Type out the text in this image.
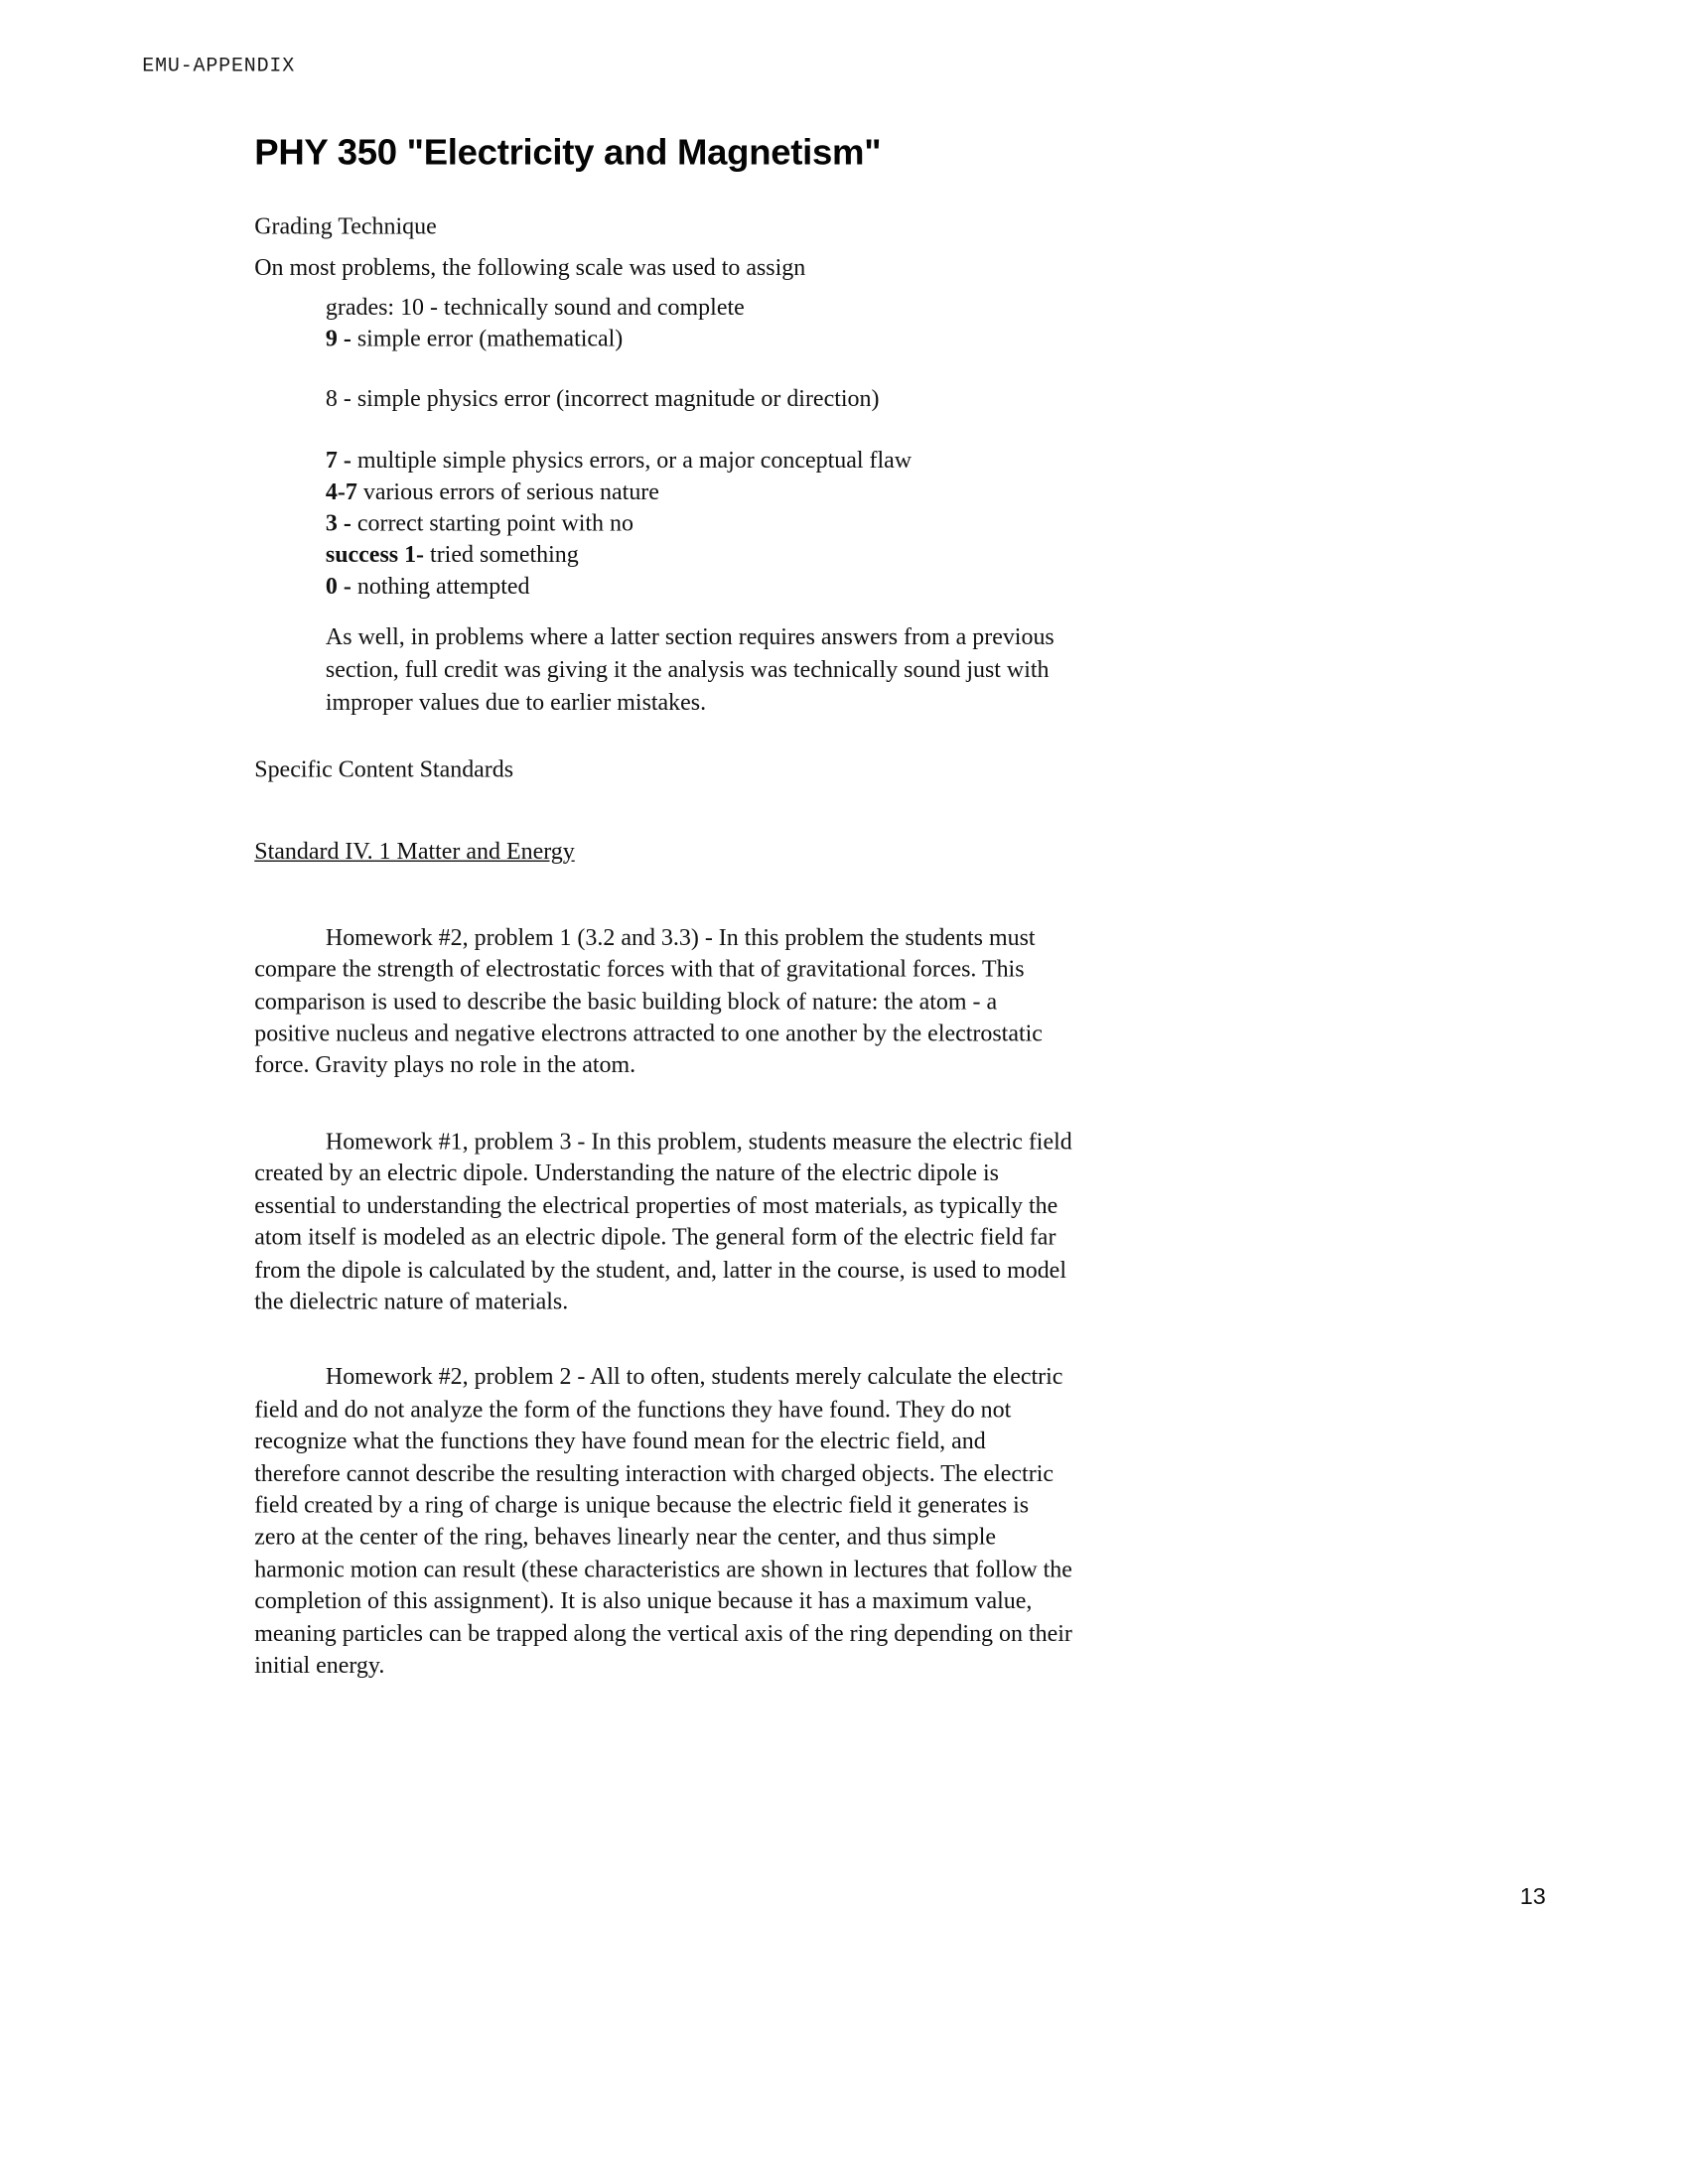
EMU-APPENDIX
PHY 350 "Electricity and Magnetism"

Grading Technique

On most problems, the following scale was used to assign

grades: 10 - technically sound and complete

9 - simple error (mathematical)

8 - simple physics error (incorrect magnitude or direction)

7 - multiple simple physics errors, or a major conceptual flaw

4-7 various errors of serious nature

3 - correct starting point with no

success 1- tried something

0 - nothing attempted

As well, in problems where a latter section requires answers from a previous section, full credit was giving it the analysis was technically sound just with improper values due to earlier mistakes.

Specific Content Standards

Standard IV. 1 Matter and Energy

Homework #2, problem 1 (3.2 and 3.3) - In this problem the students must compare the strength of electrostatic forces with that of gravitational forces. This comparison is used to describe the basic building block of nature: the atom - a positive nucleus and negative electrons attracted to one another by the electrostatic force. Gravity plays no role in the atom.

Homework #1, problem 3 - In this problem, students measure the electric field created by an electric dipole. Understanding the nature of the electric dipole is essential to understanding the electrical properties of most materials, as typically the atom itself is modeled as an electric dipole. The general form of the electric field far from the dipole is calculated by the student, and, latter in the course, is used to model the dielectric nature of materials.

Homework #2, problem 2 - All to often, students merely calculate the electric field and do not analyze the form of the functions they have found. They do not recognize what the functions they have found mean for the electric field, and therefore cannot describe the resulting interaction with charged objects. The electric field created by a ring of charge is unique because the electric field it generates is zero at the center of the ring, behaves linearly near the center, and thus simple harmonic motion can result (these characteristics are shown in lectures that follow the completion of this assignment). It is also unique because it has a maximum value, meaning particles can be trapped along the vertical axis of the ring depending on their initial energy.

13
